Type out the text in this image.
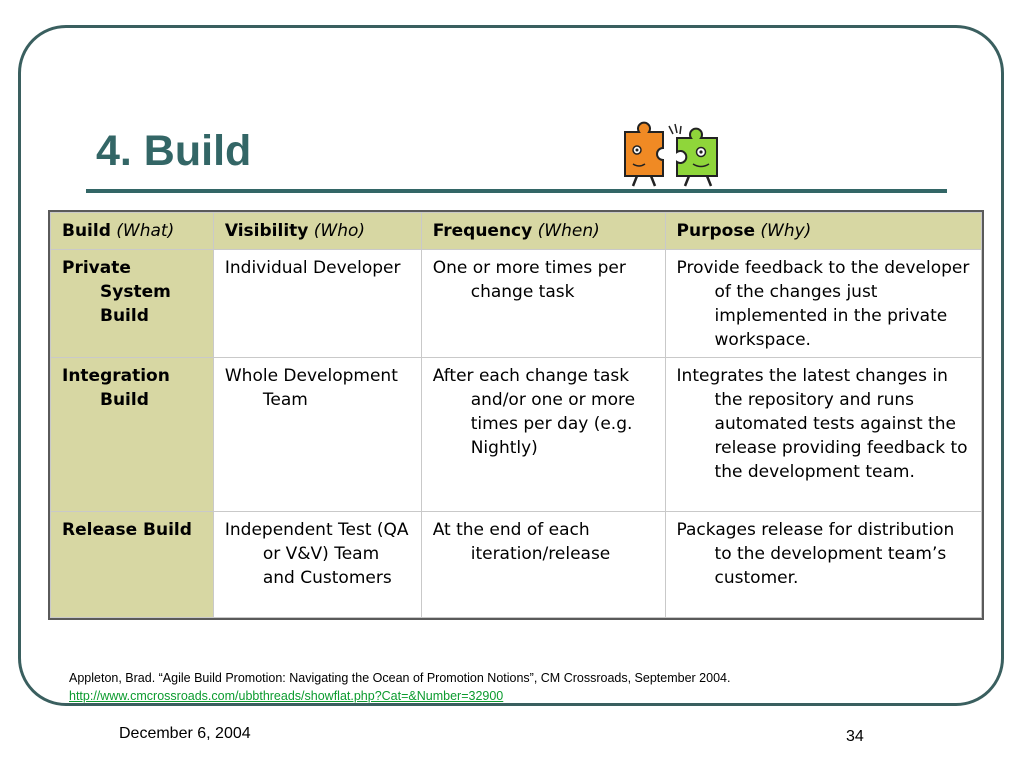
4. Build
Build (What)	Visibility (Who)	Frequency (When)	Purpose (Why)

Private System Build	Individual Developer	One or more times per change task	Provide feedback to the developer of the changes just implemented in the private workspace.

Integration Build	Whole Development Team	After each change task and/or one or more times per day (e.g. Nightly)	Integrates the latest changes in the repository and runs automated tests against the release providing feedback to the development team.

Release Build	Independent Test (QA or V&V) Team and Customers	At the end of each iteration/release	Packages release for distribution to the development team’s customer.
Appleton, Brad. “Agile Build Promotion: Navigating the Ocean of Promotion Notions”, CM Crossroads, September 2004.
http://www.cmcrossroads.com/ubbthreads/showflat.php?Cat=&Number=32900
December 6, 2004	34
